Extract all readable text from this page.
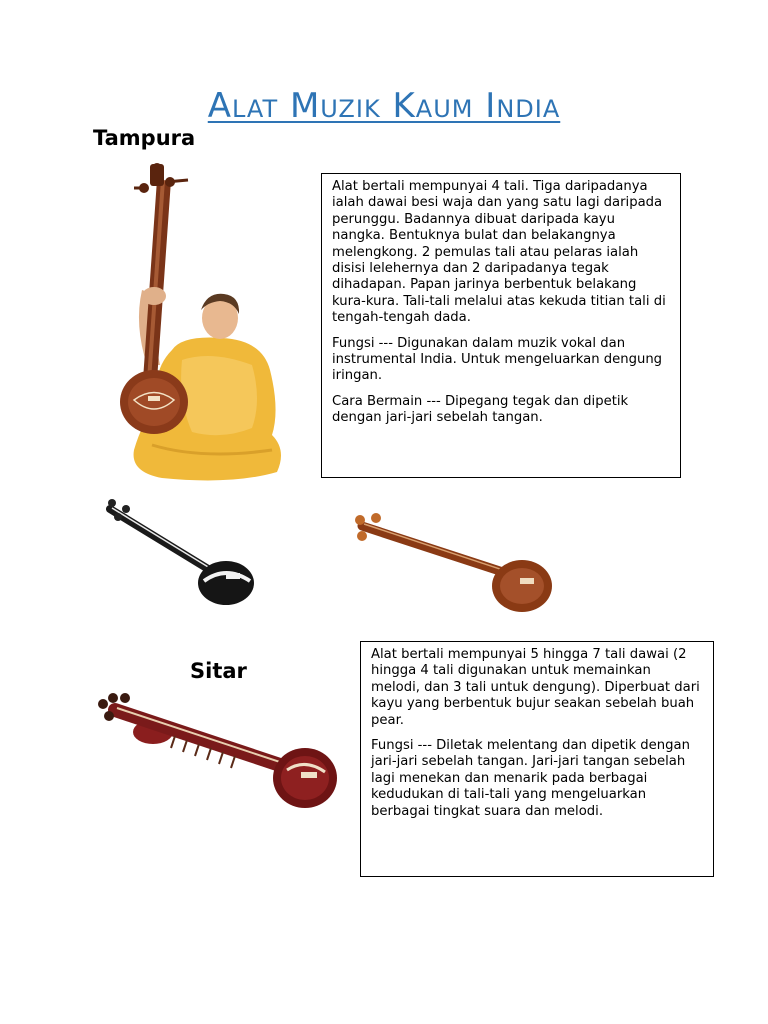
Alat Muzik Kaum India
Tampura

Alat bertali mempunyai 4 tali. Tiga daripadanya ialah dawai besi waja dan yang satu lagi daripada perunggu. Badannya dibuat daripada kayu nangka. Bentuknya bulat dan belakangnya melengkong. 2 pemulas tali atau pelaras ialah disisi lelehernya dan 2 daripadanya tegak dihadapan. Papan jarinya berbentuk belakang kura-kura. Tali-tali melalui atas kekuda titian tali di tengah-tengah dada.

Fungsi --- Digunakan dalam muzik vokal dan instrumental India. Untuk mengeluarkan dengung iringan.

Cara Bermain --- Dipegang tegak dan dipetik dengan jari-jari sebelah tangan.

Sitar

Alat bertali mempunyai 5 hingga 7 tali dawai (2 hingga 4 tali digunakan untuk memainkan melodi, dan 3 tali untuk dengung). Diperbuat dari kayu yang berbentuk bujur seakan sebelah buah pear.

Fungsi --- Diletak melentang dan dipetik dengan jari-jari sebelah tangan. Jari-jari tangan sebelah lagi menekan dan menarik pada berbagai kedudukan di tali-tali yang mengeluarkan berbagai tingkat suara dan melodi.
